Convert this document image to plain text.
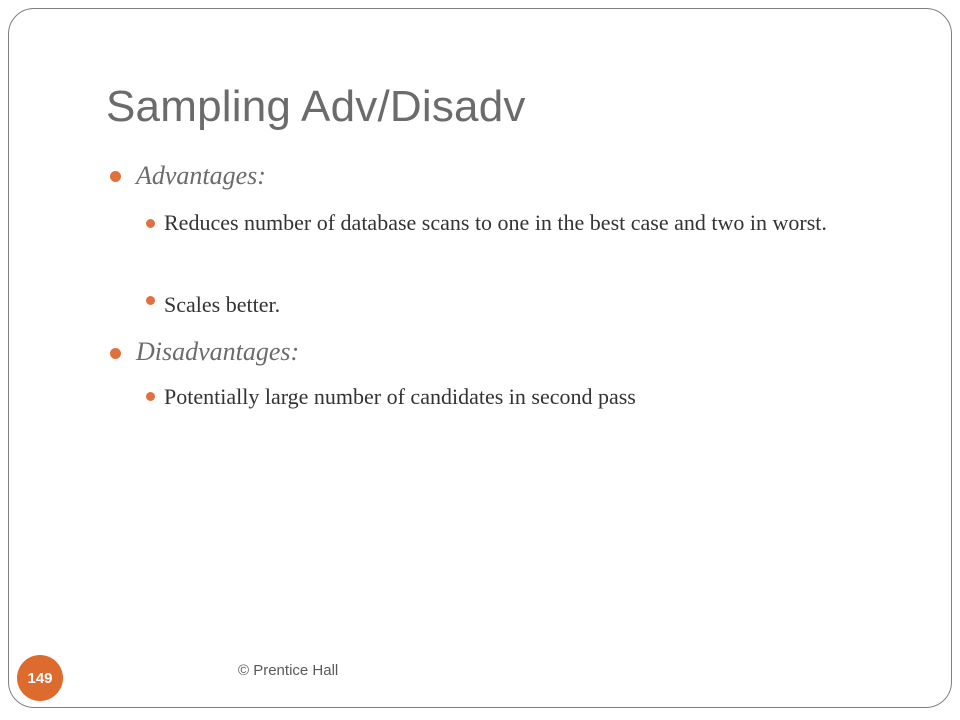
Sampling Adv/Disadv
Advantages:
Reduces number of database scans to one in the best case and two in worst.
Scales better.
Disadvantages:
Potentially large number of candidates in second pass
149	© Prentice Hall
